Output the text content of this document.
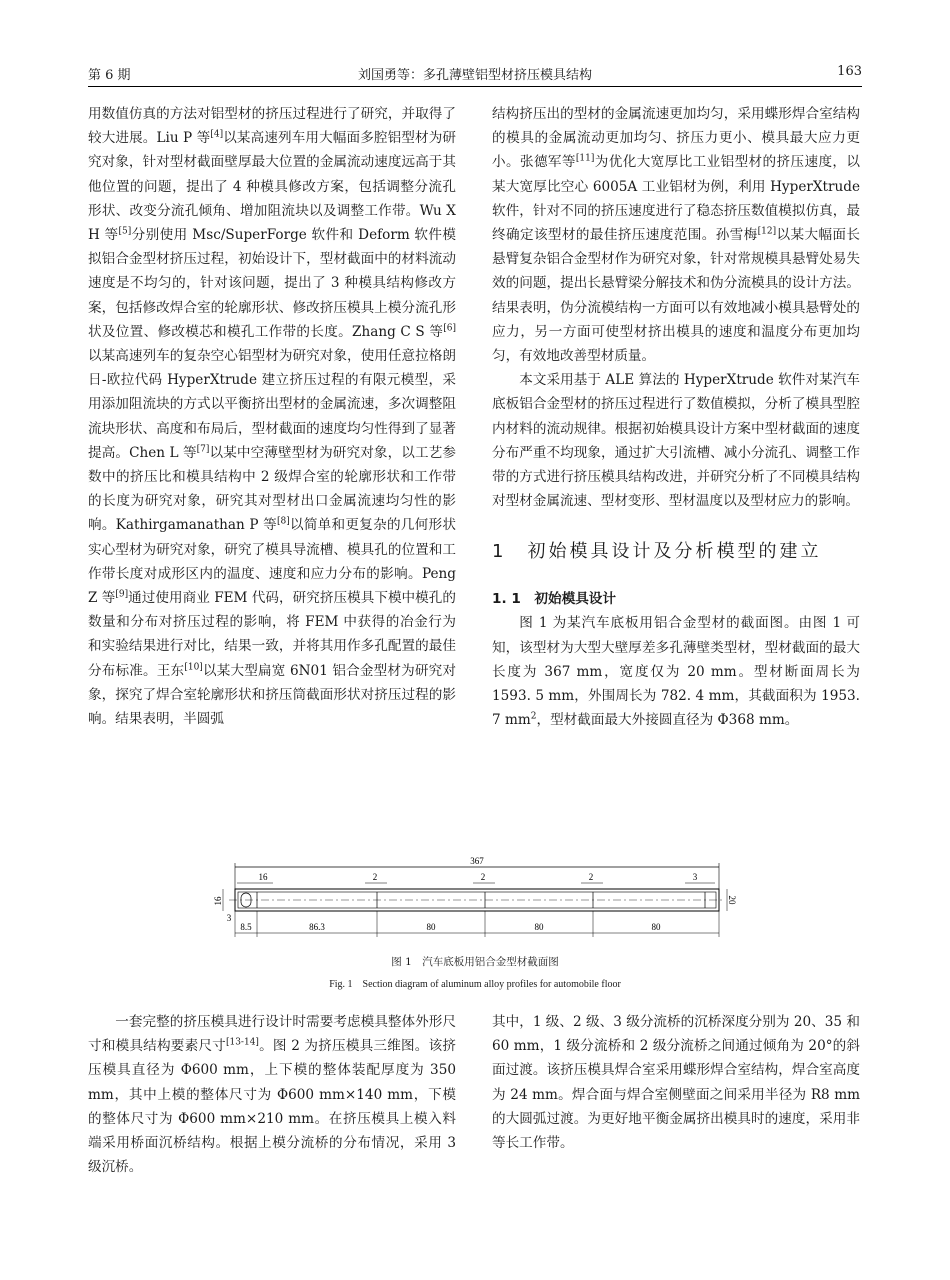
第 6 期	刘国勇等：多孔薄壁铝型材挤压模具结构	163

用数值仿真的方法对铝型材的挤压过程进行了研究，并取得了较大进展。Liu P 等[4]以某高速列车用大幅面多腔铝型材为研究对象，针对型材截面壁厚最大位置的金属流动速度远高于其他位置的问题，提出了 4 种模具修改方案，包括调整分流孔形状、改变分流孔倾角、增加阻流块以及调整工作带。Wu X H 等[5]分别使用 Msc/SuperForge 软件和 Deform 软件模拟铝合金型材挤压过程，初始设计下，型材截面中的材料流动速度是不均匀的，针对该问题，提出了 3 种模具结构修改方案，包括修改焊合室的轮廓形状、修改挤压模具上模分流孔形状及位置、修改模芯和模孔工作带的长度。Zhang C S 等[6]以某高速列车的复杂空心铝型材为研究对象，使用任意拉格朗日-欧拉代码 HyperXtrude 建立挤压过程的有限元模型，采用添加阻流块的方式以平衡挤出型材的金属流速，多次调整阻流块形状、高度和布局后，型材截面的速度均匀性得到了显著提高。Chen L 等[7]以某中空薄壁型材为研究对象，以工艺参数中的挤压比和模具结构中 2 级焊合室的轮廓形状和工作带的长度为研究对象，研究其对型材出口金属流速均匀性的影响。Kathirgamanathan P 等[8]以简单和更复杂的几何形状实心型材为研究对象，研究了模具导流槽、模具孔的位置和工作带长度对成形区内的温度、速度和应力分布的影响。Peng Z 等[9]通过使用商业 FEM 代码，研究挤压模具下模中模孔的数量和分布对挤压过程的影响，将 FEM 中获得的冶金行为和实验结果进行对比，结果一致，并将其用作多孔配置的最佳分布标准。王东[10]以某大型扁宽 6N01 铝合金型材为研究对象，探究了焊合室轮廓形状和挤压筒截面形状对挤压过程的影响。结果表明，半圆弧

结构挤压出的型材的金属流速更加均匀，采用蝶形焊合室结构的模具的金属流动更加均匀、挤压力更小、模具最大应力更小。张德军等[11]为优化大宽厚比工业铝型材的挤压速度，以某大宽厚比空心 6005A 工业铝材为例，利用 HyperXtrude 软件，针对不同的挤压速度进行了稳态挤压数值模拟仿真，最终确定该型材的最佳挤压速度范围。孙雪梅[12]以某大幅面长悬臂复杂铝合金型材作为研究对象，针对常规模具悬臂处易失效的问题，提出长悬臂梁分解技术和伪分流模具的设计方法。结果表明，伪分流模结构一方面可以有效地减小模具悬臂处的应力，另一方面可使型材挤出模具的速度和温度分布更加均匀，有效地改善型材质量。

本文采用基于 ALE 算法的 HyperXtrude 软件对某汽车底板铝合金型材的挤压过程进行了数值模拟，分析了模具型腔内材料的流动规律。根据初始模具设计方案中型材截面的速度分布严重不均现象，通过扩大引流槽、减小分流孔、调整工作带的方式进行挤压模具结构改进，并研究分析了不同模具结构对型材金属流速、型材变形、型材温度以及型材应力的影响。

1　初始模具设计及分析模型的建立
1. 1　初始模具设计

图 1 为某汽车底板用铝合金型材的截面图。由图 1 可知，该型材为大型大壁厚差多孔薄壁类型材，型材截面的最大长度为 367 mm，宽度仅为 20 mm。型材断面周长为 1593. 5 mm，外围周长为 782. 4 mm，其截面积为 1953. 7 mm$^2$，型材截面最大外接圆直径为 Φ368 mm。

367
16	2	2	2	3
16
3
20
8.5	86.3	80	80	80
图 1　汽车底板用铝合金型材截面图
Fig. 1　Section diagram of aluminum alloy profiles for automobile floor

一套完整的挤压模具进行设计时需要考虑模具整体外形尺寸和模具结构要素尺寸[13-14]。图 2 为挤压模具三维图。该挤压模具直径为 Φ600 mm，上下模的整体装配厚度为 350 mm，其中上模的整体尺寸为 Φ600 mm×140 mm，下模的整体尺寸为 Φ600 mm×210 mm。在挤压模具上模入料端采用桥面沉桥结构。根据上模分流桥的分布情况，采用 3 级沉桥。

其中，1 级、2 级、3 级分流桥的沉桥深度分别为 20、35 和 60 mm，1 级分流桥和 2 级分流桥之间通过倾角为 20°的斜面过渡。该挤压模具焊合室采用蝶形焊合室结构，焊合室高度为 24 mm。焊合面与焊合室侧壁面之间采用半径为 R8 mm 的大圆弧过渡。为更好地平衡金属挤出模具时的速度，采用非等长工作带。
